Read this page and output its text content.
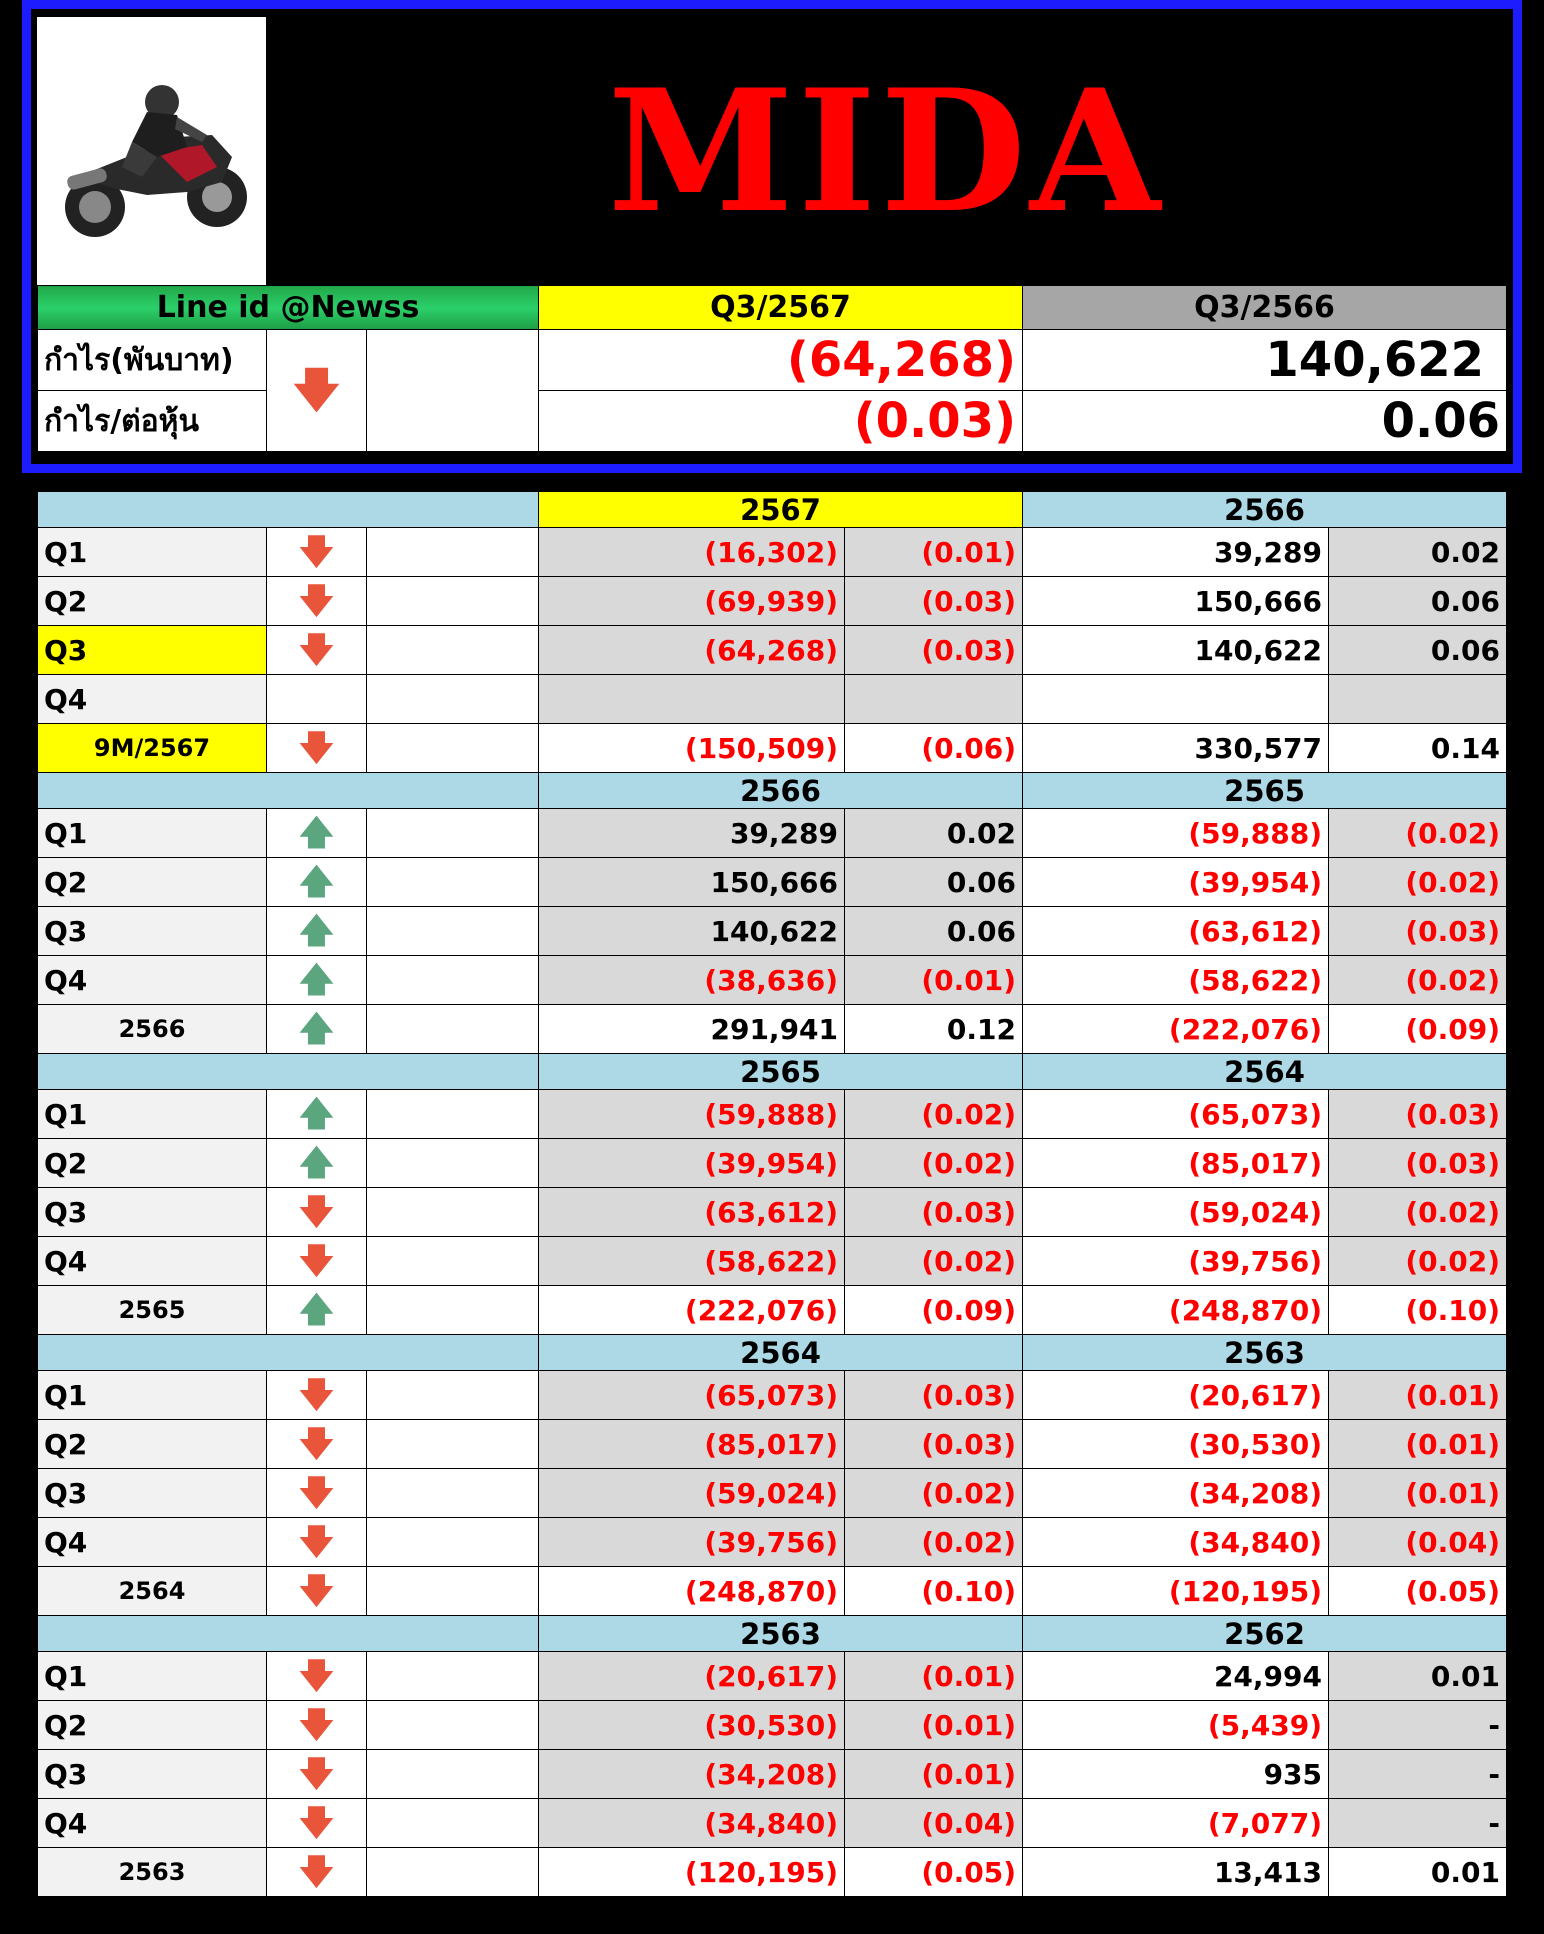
MIDA
Line id @Newss			Q3/2567	Q3/2566
กำไร(พันบาท)	🡇		(64,268)	140,622
กำไร/ต่อหุ้น			(0.03)	0.06
			2567		2566	
Q1	🡇		(16,302)	(0.01)	39,289	0.02
Q2	🡇		(69,939)	(0.03)	150,666	0.06
Q3	🡇		(64,268)	(0.03)	140,622	0.06
Q4						
9M/2567	🡇		(150,509)	(0.06)	330,577	0.14
			2566		2565	
Q1	🡅		39,289	0.02	(59,888)	(0.02)
Q2	🡅		150,666	0.06	(39,954)	(0.02)
Q3	🡅		140,622	0.06	(63,612)	(0.03)
Q4	🡅		(38,636)	(0.01)	(58,622)	(0.02)
2566	🡅		291,941	0.12	(222,076)	(0.09)
			2565		2564	
Q1	🡅		(59,888)	(0.02)	(65,073)	(0.03)
Q2	🡅		(39,954)	(0.02)	(85,017)	(0.03)
Q3	🡇		(63,612)	(0.03)	(59,024)	(0.02)
Q4	🡇		(58,622)	(0.02)	(39,756)	(0.02)
2565	🡅		(222,076)	(0.09)	(248,870)	(0.10)
			2564		2563	
Q1	🡇		(65,073)	(0.03)	(20,617)	(0.01)
Q2	🡇		(85,017)	(0.03)	(30,530)	(0.01)
Q3	🡇		(59,024)	(0.02)	(34,208)	(0.01)
Q4	🡇		(39,756)	(0.02)	(34,840)	(0.04)
2564	🡇		(248,870)	(0.10)	(120,195)	(0.05)
			2563		2562	
Q1	🡇		(20,617)	(0.01)	24,994	0.01
Q2	🡇		(30,530)	(0.01)	(5,439)	-
Q3	🡇		(34,208)	(0.01)	935	-
Q4	🡇		(34,840)	(0.04)	(7,077)	-
2563	🡇		(120,195)	(0.05)	13,413	0.01
